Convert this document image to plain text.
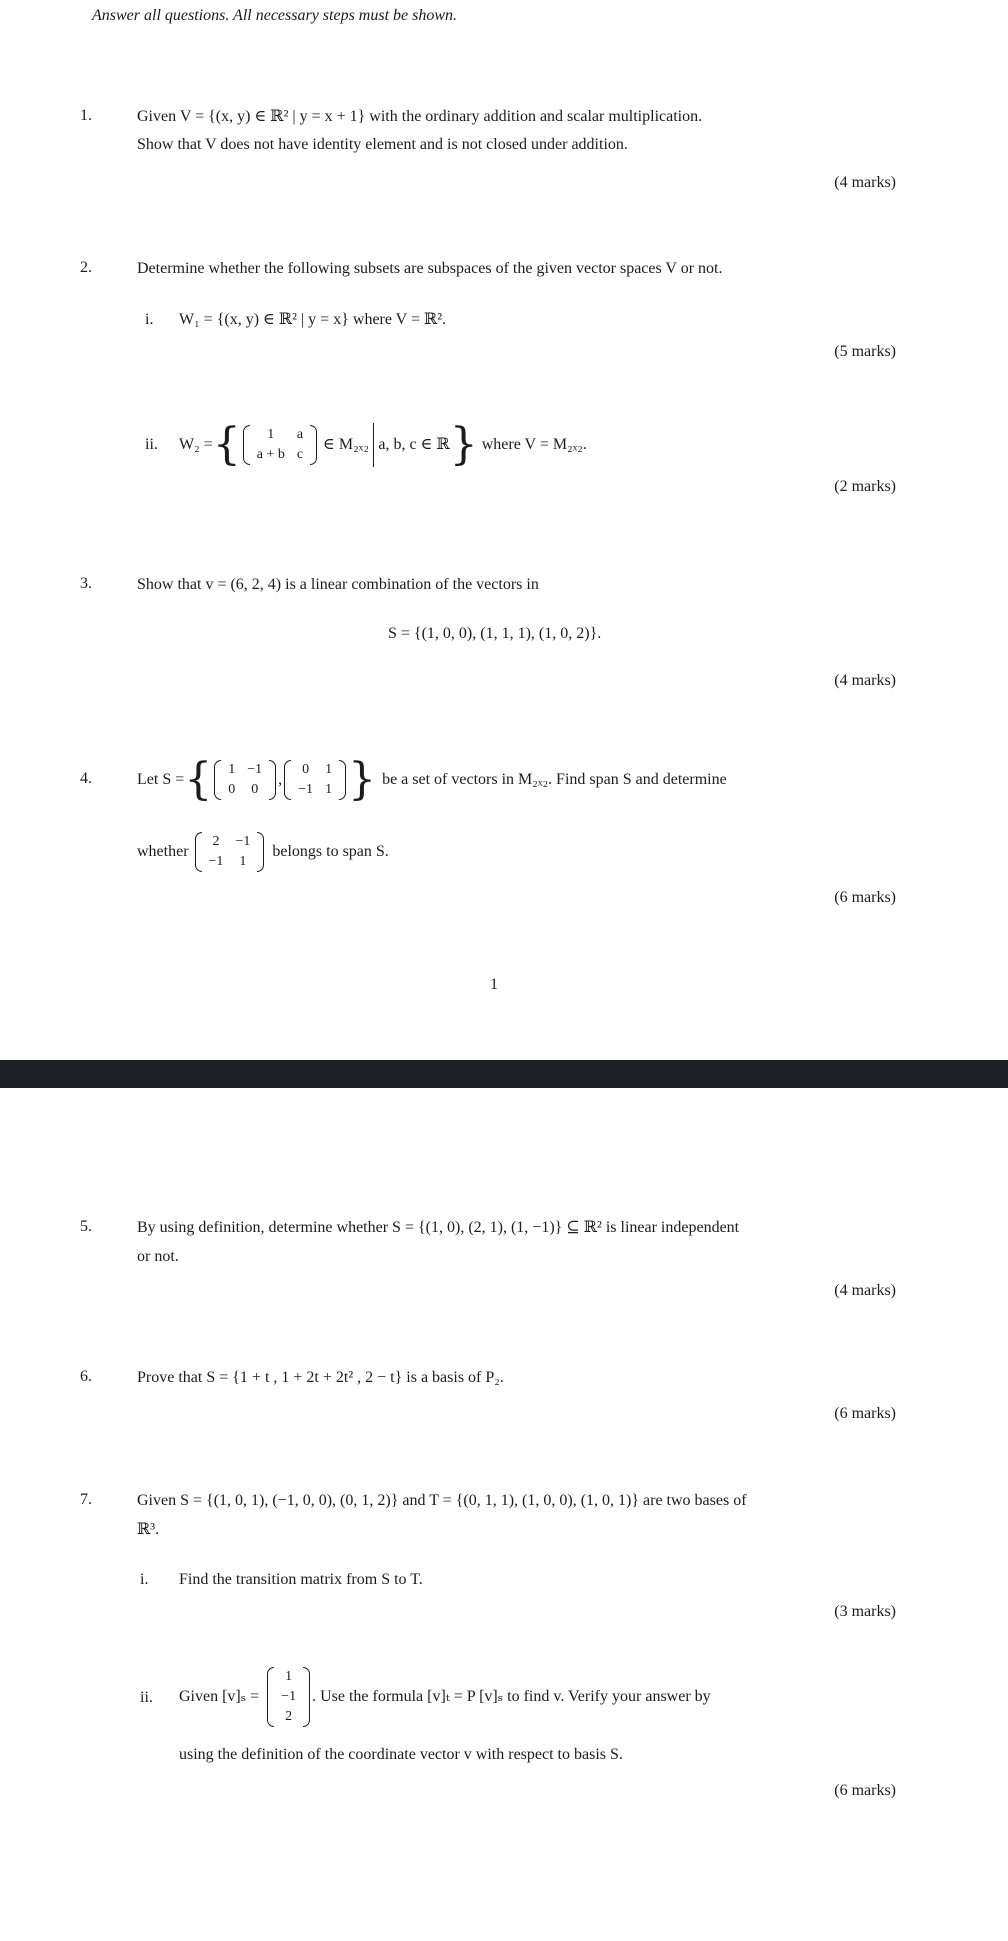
Answer all questions. All necessary steps must be shown.
1.	Given V = {(x, y) ∈ ℝ² | y = x + 1} with the ordinary addition and scalar multiplication.
Show that V does not have identity element and is not closed under addition.
(4 marks)
2.	Determine whether the following subsets are subspaces of the given vector spaces V or not.
i. W₁ = {(x, y) ∈ ℝ² | y = x} where V = ℝ².
(5 marks)
ii. W₂ = { 1	a
a + b	c
∈ M₂ₓ₂ a, b, c ∈ ℝ } where V = M₂ₓ₂.
(2 marks)
3.	Show that v = (6, 2, 4) is a linear combination of the vectors in
S = {(1, 0, 0), (1, 1, 1), (1, 0, 2)}.
(4 marks)
4.	Let S = { 1	−1
0	0
,
0	1
−1	1 } be a set of vectors in M₂ₓ₂. Find span S and determine
whether
2	−1
−1	1
belongs to span S.
(6 marks)
1
5.	By using definition, determine whether S = {(1, 0), (2, 1), (1, −1)} ⊆ ℝ² is linear independent
or not.
(4 marks)
6.	Prove that S = {1 + t , 1 + 2t + 2t² , 2 − t} is a basis of P₂.
(6 marks)
7.	Given S = {(1, 0, 1), (−1, 0, 0), (0, 1, 2)} and T = {(0, 1, 1), (1, 0, 0), (1, 0, 1)} are two bases of
ℝ³.
i. Find the transition matrix from S to T.
(3 marks)
ii. Given [v]ₛ =
1
−1
2
. Use the formula [v]ₜ = P [v]ₛ to find v. Verify your answer by
using the definition of the coordinate vector v with respect to basis S.
(6 marks)
